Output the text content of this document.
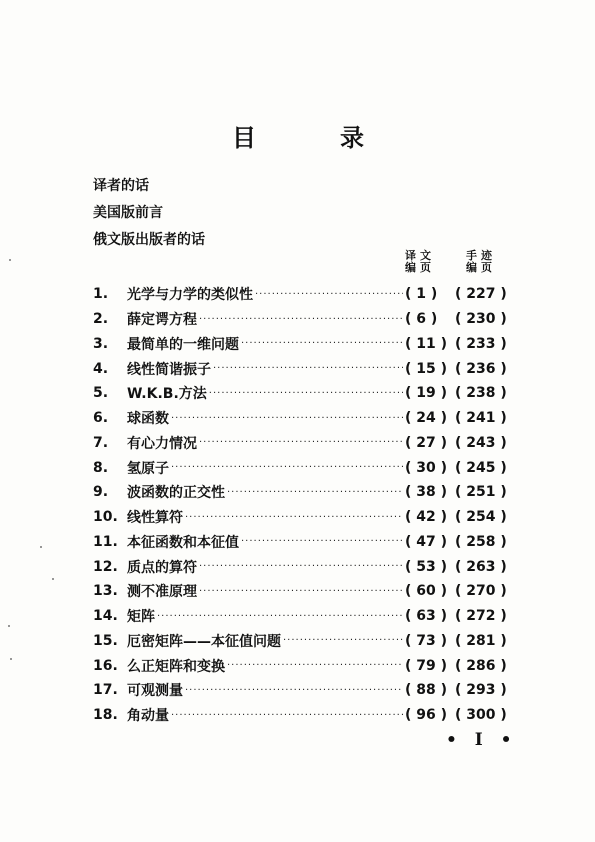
目	录
译者的话
美国版前言
俄文版出版者的话
译文
编页
手迹
编页
1.	光学与力学的类似性 ·····	( 1 )	( 227 )
2.	薛定谔方程 ·····	( 6 )	( 230 )
3.	最简单的一维问题 ·····	( 11 ) ( 233 )
4.	线性简谐振子 ·····	( 15 ) ( 236 )
5.	W.K.B.方法 ·····	( 19 ) ( 238 )
6.	球函数 ·····	( 24 ) ( 241 )
7.	有心力情况 ·····	( 27 ) ( 243 )
8.	氢原子 ·····	( 30 ) ( 245 )
9.	波函数的正交性 ·····	( 38 ) ( 251 )
10. 线性算符 ·····	( 42 ) ( 254 )
11. 本征函数和本征值 ·····	( 47 ) ( 258 )
12. 质点的算符 ·····	( 53 ) ( 263 )
13. 测不准原理 ·····	( 60 ) ( 270 )
14. 矩阵 ·····	( 63 ) ( 272 )
15. 厄密矩阵——本征值问题 ·····	( 73 ) ( 281 )
16. 么正矩阵和变换 ·····	( 79 ) ( 286 )
17. 可观测量 ·····	( 88 ) ( 293 )
18. 角动量 ·····	( 96 ) ( 300 )
• I •
